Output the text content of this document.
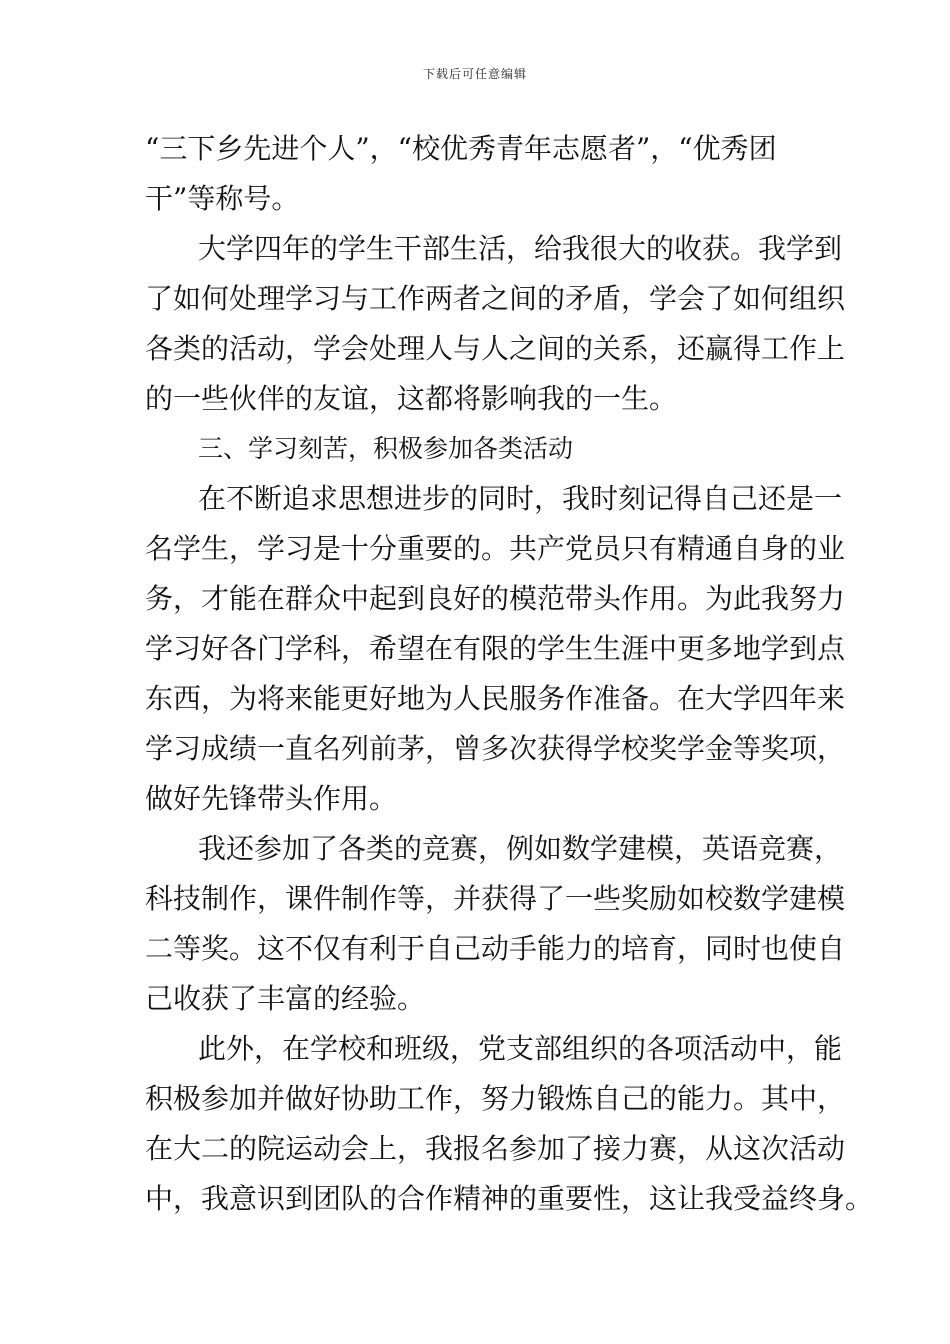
下载后可任意编辑
“三下乡先进个人”，“校优秀青年志愿者”，“优秀团
干”等称号。
大学四年的学生干部生活，给我很大的收获。我学到
了如何处理学习与工作两者之间的矛盾，学会了如何组织
各类的活动，学会处理人与人之间的关系，还赢得工作上
的一些伙伴的友谊，这都将影响我的一生。
三、学习刻苦，积极参加各类活动
在不断追求思想进步的同时，我时刻记得自己还是一
名学生，学习是十分重要的。共产党员只有精通自身的业
务，才能在群众中起到良好的模范带头作用。为此我努力
学习好各门学科，希望在有限的学生生涯中更多地学到点
东西，为将来能更好地为人民服务作准备。在大学四年来
学习成绩一直名列前茅，曾多次获得学校奖学金等奖项，
做好先锋带头作用。
我还参加了各类的竞赛，例如数学建模，英语竞赛，
科技制作，课件制作等，并获得了一些奖励如校数学建模
二等奖。这不仅有利于自己动手能力的培育，同时也使自
己收获了丰富的经验。
此外，在学校和班级，党支部组织的各项活动中，能
积极参加并做好协助工作，努力锻炼自己的能力。其中，
在大二的院运动会上，我报名参加了接力赛，从这次活动
中，我意识到团队的合作精神的重要性，这让我受益终身。
